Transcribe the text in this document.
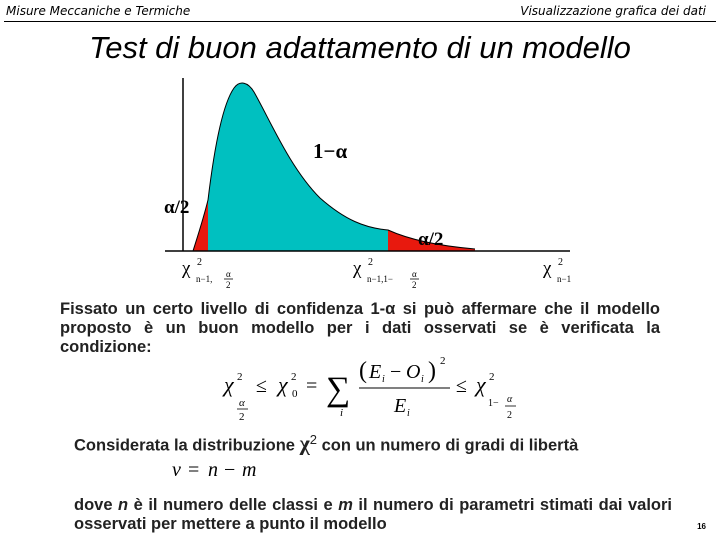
Misure Meccaniche e Termiche	Visualizzazione grafica dei dati
Test di buon adattamento di un modello
1−α
α/2
α/2
χ 2
n−1, α
2
χ 2
n−1,1− α
2
χ 2
n−1
Fissato un certo livello di confidenza 1-α si può affermare che il modello proposto è un buon modello per i dati osservati se è verificata la condizione:
χ 2
α
2
≤ χ 2
0 = ∑
i
( E i − O i ) 2
E i
≤ χ 2
1− α
2
Considerata la distribuzione $\chi^2$ con un numero di gradi di libertà
ν = n − m
dove n è il numero delle classi e m il numero di parametri stimati dai valori osservati per mettere a punto il modello	16
